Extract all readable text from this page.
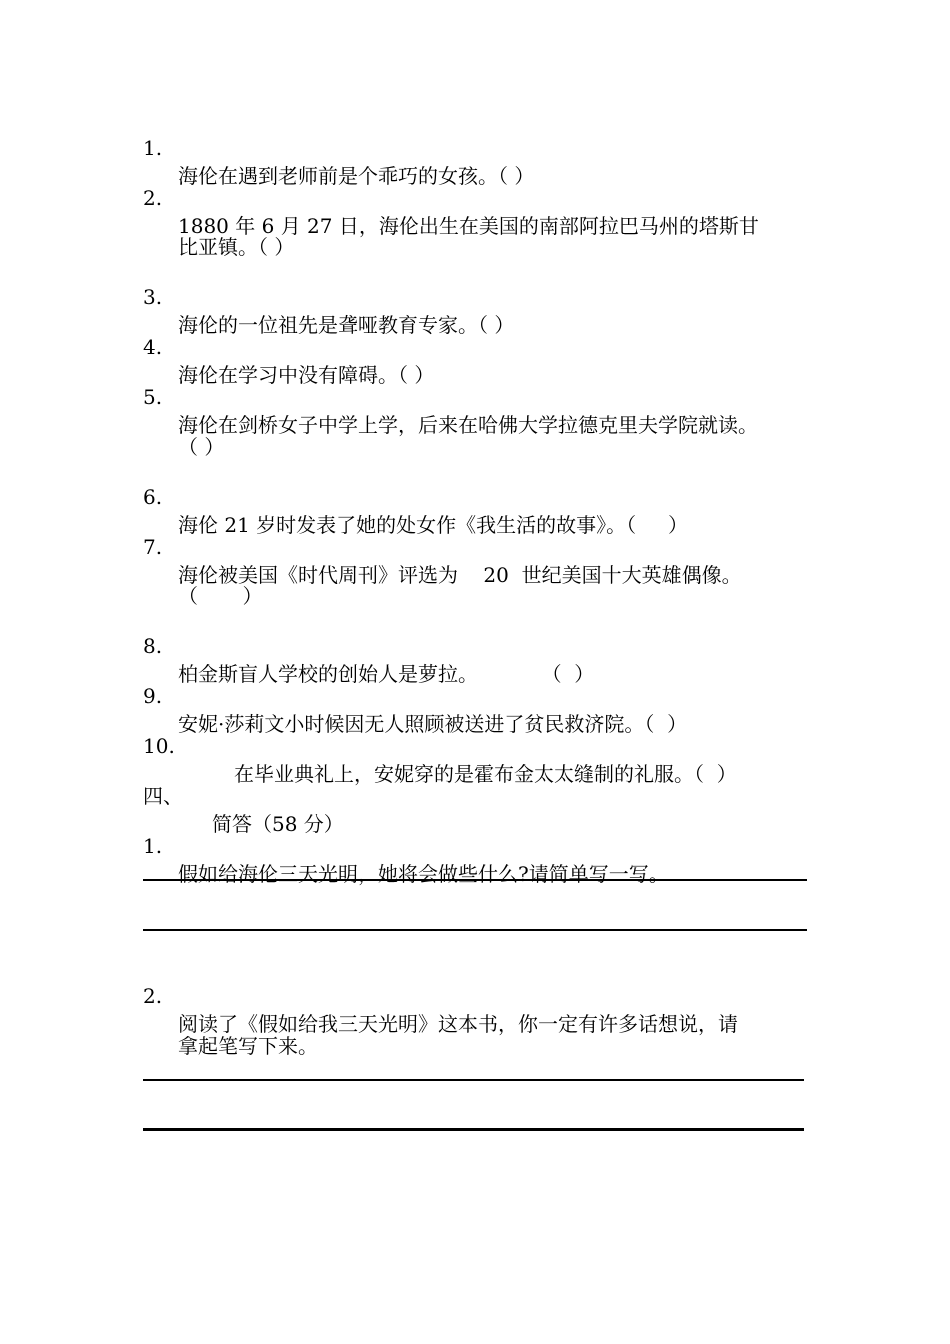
1.

海伦在遇到老师前是个乖巧的女孩。（ ）

2.

1880 年 6 月 27 日，海伦出生在美国的南部阿拉巴马州的塔斯甘

比亚镇。（ ）

3.

海伦的一位祖先是聋哑教育专家。（ ）

4.

海伦在学习中没有障碍。（ ）

5.

海伦在剑桥女子中学上学，后来在哈佛大学拉德克里夫学院就读。

（ ）

6.

海伦 21 岁时发表了她的处女作《我生活的故事》。（     ）

7.

海伦被美国《时代周刊》评选为    20  世纪美国十大英雄偶像。

（       ）

8.

柏金斯盲人学校的创始人是萝拉。          （  ）

9.

安妮·莎莉文小时候因无人照顾被送进了贫民救济院。（  ）

10.

在毕业典礼上，安妮穿的是霍布金太太缝制的礼服。（  ）

四、

简答（58 分）

1.

假如给海伦三天光明，她将会做些什么?请简单写一写。

2.

阅读了《假如给我三天光明》这本书，你一定有许多话想说，请

拿起笔写下来。
